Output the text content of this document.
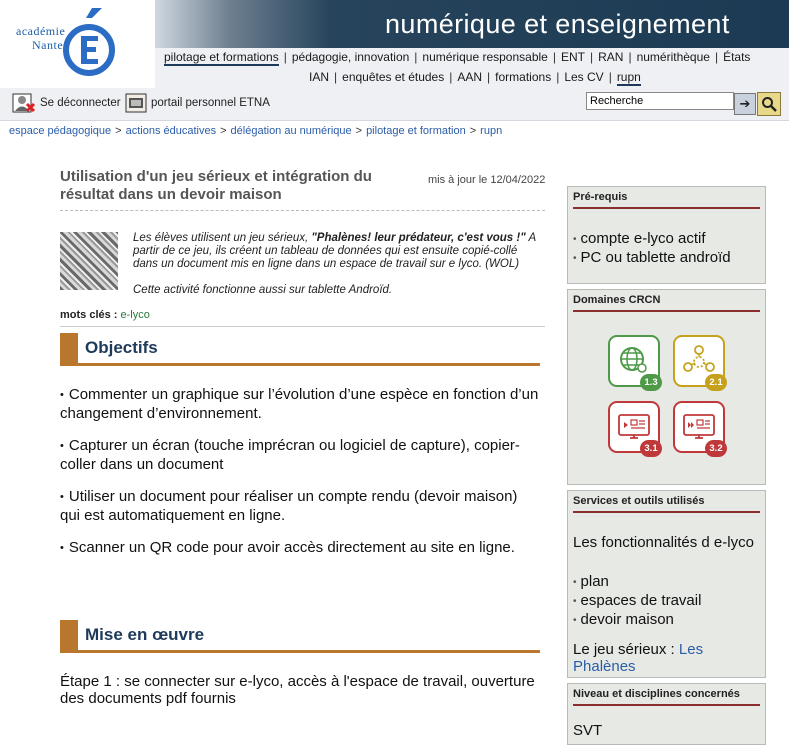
académie
Nantes
numérique et enseignement
pilotage et formations | pédagogie, innovation | numérique responsable | ENT | RAN | numérithèque | États
IAN | enquêtes et études | AAN | formations | Les CV | rupn
Se déconnecter	portail personnel ETNA
Recherche	➔
espace pédagogique > actions éducatives > délégation au numérique > pilotage et formation > rupn
Utilisation d'un jeu sérieux et intégration du résultat dans un devoir maison
mis à jour le 12/04/2022

Les élèves utilisent un jeu sérieux, "Phalènes! leur prédateur, c'est vous !" A partir de ce jeu, ils créent un tableau de données qui est ensuite copié-collé dans un document mis en ligne dans un espace de travail sur e lyco. (WOL)

Cette activité fonctionne aussi sur tablette Androïd.

mots clés : e-lyco
Objectifs
• Commenter un graphique sur l’évolution d’une espèce en fonction d’un changement d’environnement.
• Capturer un écran (touche imprécran ou logiciel de capture), copier-coller dans un document
• Utiliser un document pour réaliser un compte rendu (devoir maison) qui est automatiquement en ligne.
• Scanner un QR code pour avoir accès directement au site en ligne.
Mise en œuvre
Étape 1 : se connecter sur e-lyco, accès à l'espace de travail, ouverture des documents pdf fournis
Pré-requis
• compte e-lyco actif
• PC ou tablette androïd
Domaines CRCN
1.3	2.1
3.1	3.2
Services et outils utilisés
Les fonctionnalités d e-lyco
• plan
• espaces de travail
• devoir maison
Le jeu sérieux : Les Phalènes
Niveau et disciplines concernés
SVT
